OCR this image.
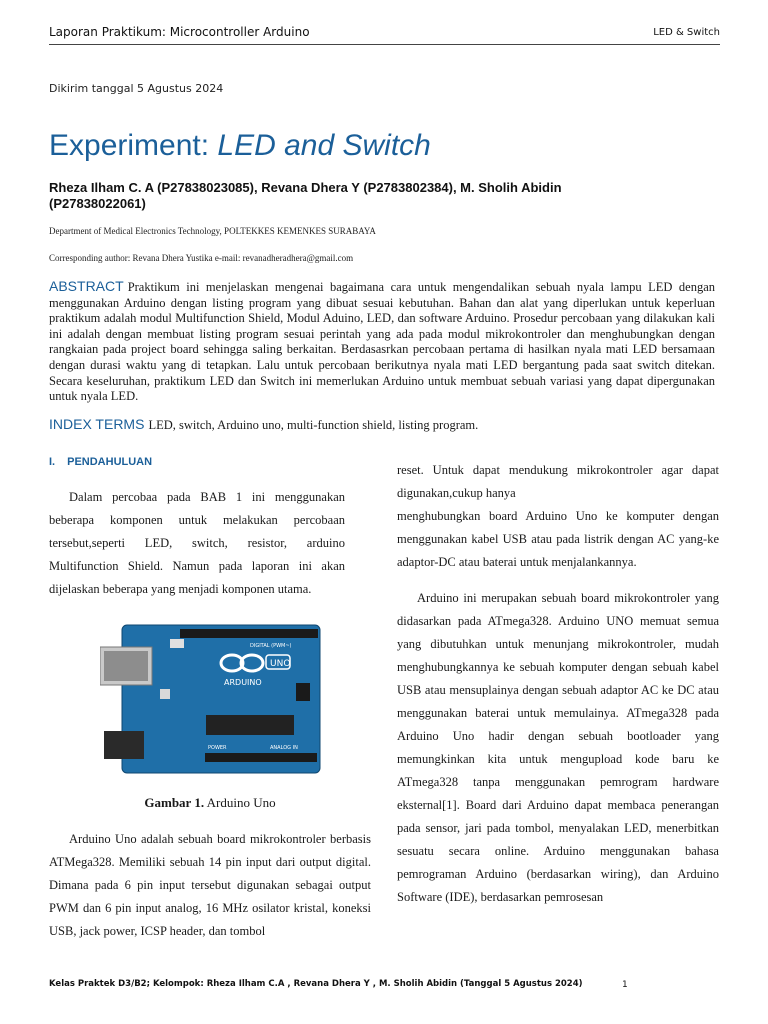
Laporan Praktikum: Microcontroller Arduino	LED & Switch
Dikirim tanggal 5 Agustus 2024
Experiment: LED and Switch
Rheza Ilham C. A (P27838023085), Revana Dhera Y (P2783802384), M. Sholih Abidin (P27838022061)
Department of Medical Electronics Technology, POLTEKKES KEMENKES SURABAYA
Corresponding author: Revana Dhera Yustika e-mail: revanadheradhera@gmail.com
ABSTRACT Praktikum ini menjelaskan mengenai bagaimana cara untuk mengendalikan sebuah nyala lampu LED dengan menggunakan Arduino dengan listing program yang dibuat sesuai kebutuhan. Bahan dan alat yang diperlukan untuk keperluan praktikum adalah modul Multifunction Shield, Modul Aduino, LED, dan software Arduino. Prosedur percobaan yang dilakukan kali ini adalah dengan membuat listing program sesuai perintah yang ada pada modul mikrokontroler dan menghubungkan dengan rangkaian pada project board sehingga saling berkaitan. Berdasasrkan percobaan pertama di hasilkan nyala mati LED bersamaan dengan durasi waktu yang di tetapkan. Lalu untuk percobaan berikutnya nyala mati LED bergantung pada saat switch ditekan. Secara keseluruhan, praktikum LED dan Switch ini memerlukan Arduino untuk membuat sebuah variasi yang dapat dipergunakan untuk nyala LED.
INDEX TERMS LED, switch, Arduino uno, multi-function shield, listing program.
I. PENDAHULUAN

Dalam percobaa pada BAB 1 ini menggunakan beberapa komponen untuk melakukan percobaan tersebut,seperti LED, switch, resistor, arduino Multifunction Shield. Namun pada laporan ini akan dijelaskan beberapa yang menjadi komponen utama.

UNO
ARDUINO
DIGITAL (PWM~)
POWER	ANALOG IN
Gambar 1. Arduino Uno

Arduino Uno adalah sebuah board mikrokontroler berbasis ATMega328. Memiliki sebuah 14 pin input dari output digital. Dimana pada 6 pin input tersebut digunakan sebagai output PWM dan 6 pin input analog, 16 MHz osilator kristal, koneksi USB, jack power, ICSP header, dan tombol

reset. Untuk dapat mendukung mikrokontroler agar dapat digunakan,cukup hanya

menghubungkan board Arduino Uno ke komputer dengan menggunakan kabel USB atau pada listrik dengan AC yang-ke adaptor-DC atau baterai untuk menjalankannya.

Arduino ini merupakan sebuah board mikrokontroler yang didasarkan pada ATmega328. Arduino UNO memuat semua yang dibutuhkan untuk menunjang mikrokontroler, mudah menghubungkannya ke sebuah komputer dengan sebuah kabel USB atau mensuplainya dengan sebuah adaptor AC ke DC atau menggunakan baterai untuk memulainya. ATmega328 pada Arduino Uno hadir dengan sebuah bootloader yang memungkinkan kita untuk mengupload kode baru ke ATmega328 tanpa menggunakan pemrogram hardware eksternal[1]. Board dari Arduino dapat membaca penerangan pada sensor, jari pada tombol, menyalakan LED, menerbitkan sesuatu secara online. Arduino menggunakan bahasa pemrograman Arduino (berdasarkan wiring), dan Arduino Software (IDE), berdasarkan pemrosesan

Kelas Praktek D3/B2; Kelompok: Rheza Ilham C.A , Revana Dhera Y , M. Sholih Abidin (Tanggal 5 Agustus 2024)	1
